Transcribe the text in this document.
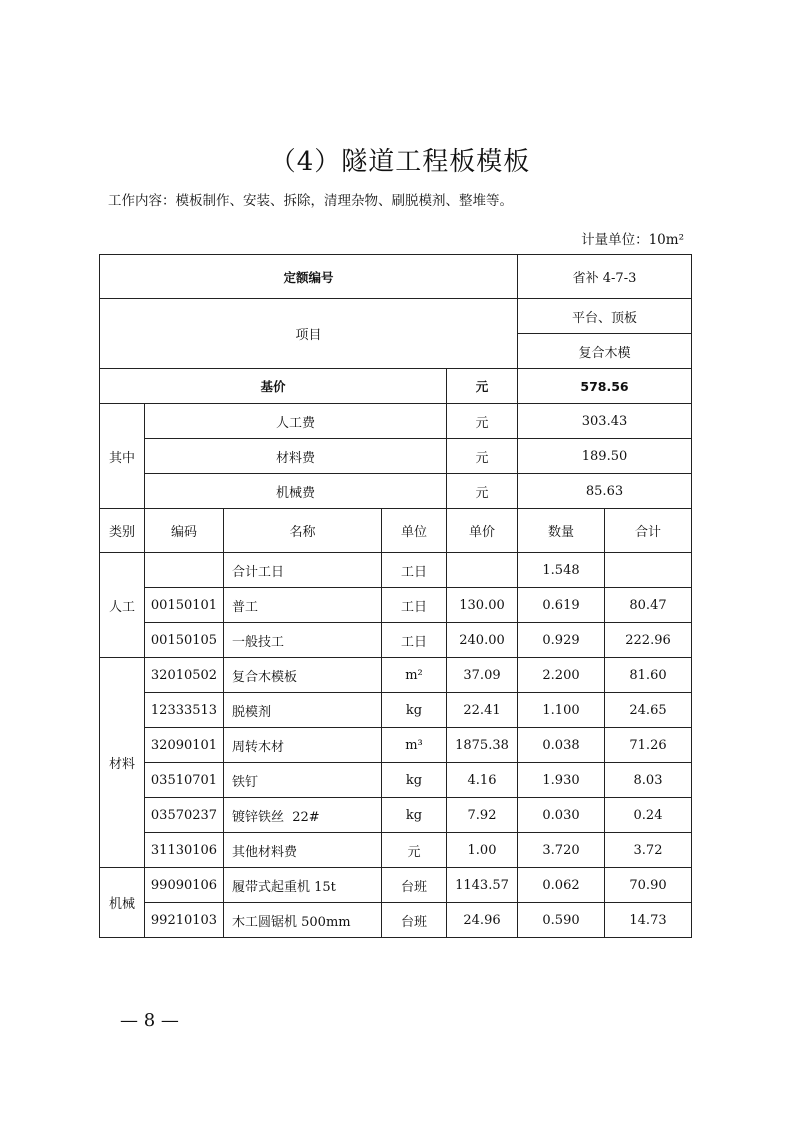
（4）隧道工程板模板
工作内容：模板制作、安装、拆除，清理杂物、刷脱模剂、整堆等。
计量单位：10m²
定额编号					省补 4-7-3	
项目					平台、顶板	
					复合木模	
基价				元	578.56	
其中	人工费			元	303.43	
	材料费			元	189.50	
	机械费			元	85.63	
类别	编码	名称	单位	单价	数量	合计
人工		合计工日	工日		1.548	
	00150101	普工	工日	130.00	0.619	80.47
	00150105	一般技工	工日	240.00	0.929	222.96
材料	32010502	复合木模板	m²	37.09	2.200	81.60
	12333513	脱模剂	kg	22.41	1.100	24.65
	32090101	周转木材	m³	1875.38	0.038	71.26
	03510701	铁钉	kg	4.16	1.930	8.03
	03570237	镀锌铁丝  22#	kg	7.92	0.030	0.24
	31130106	其他材料费	元	1.00	3.720	3.72
机械	99090106	履带式起重机 15t	台班	1143.57	0.062	70.90
	99210103	木工圆锯机 500mm	台班	24.96	0.590	14.73
— 8 —
